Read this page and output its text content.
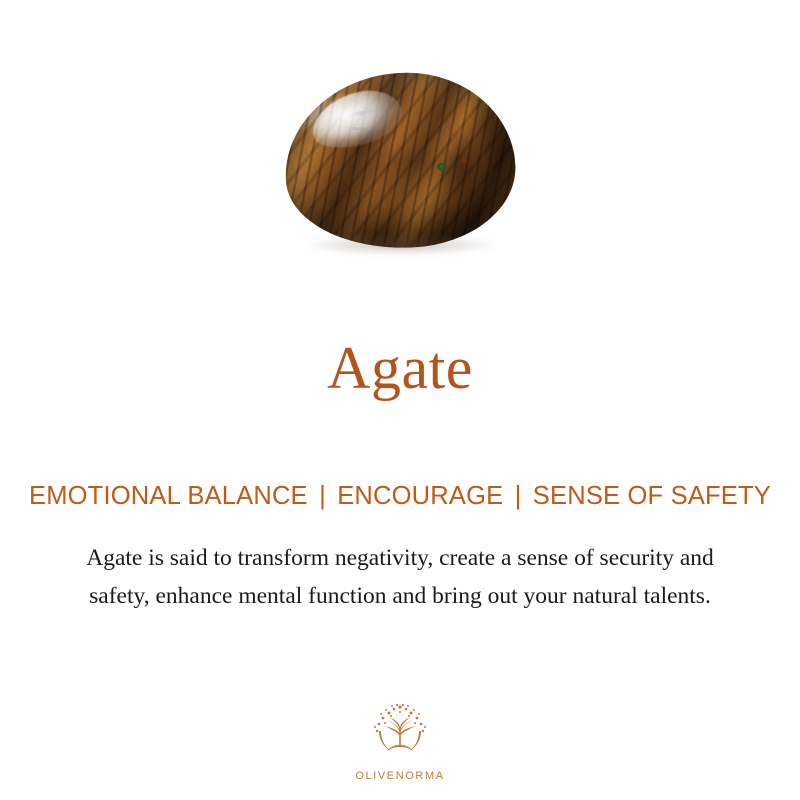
Agate
EMOTIONAL BALANCE | ENCOURAGE | SENSE OF SAFETY

Agate is said to transform negativity, create a sense of security and safety, enhance mental function and bring out your natural talents.

OLIVENORMA
